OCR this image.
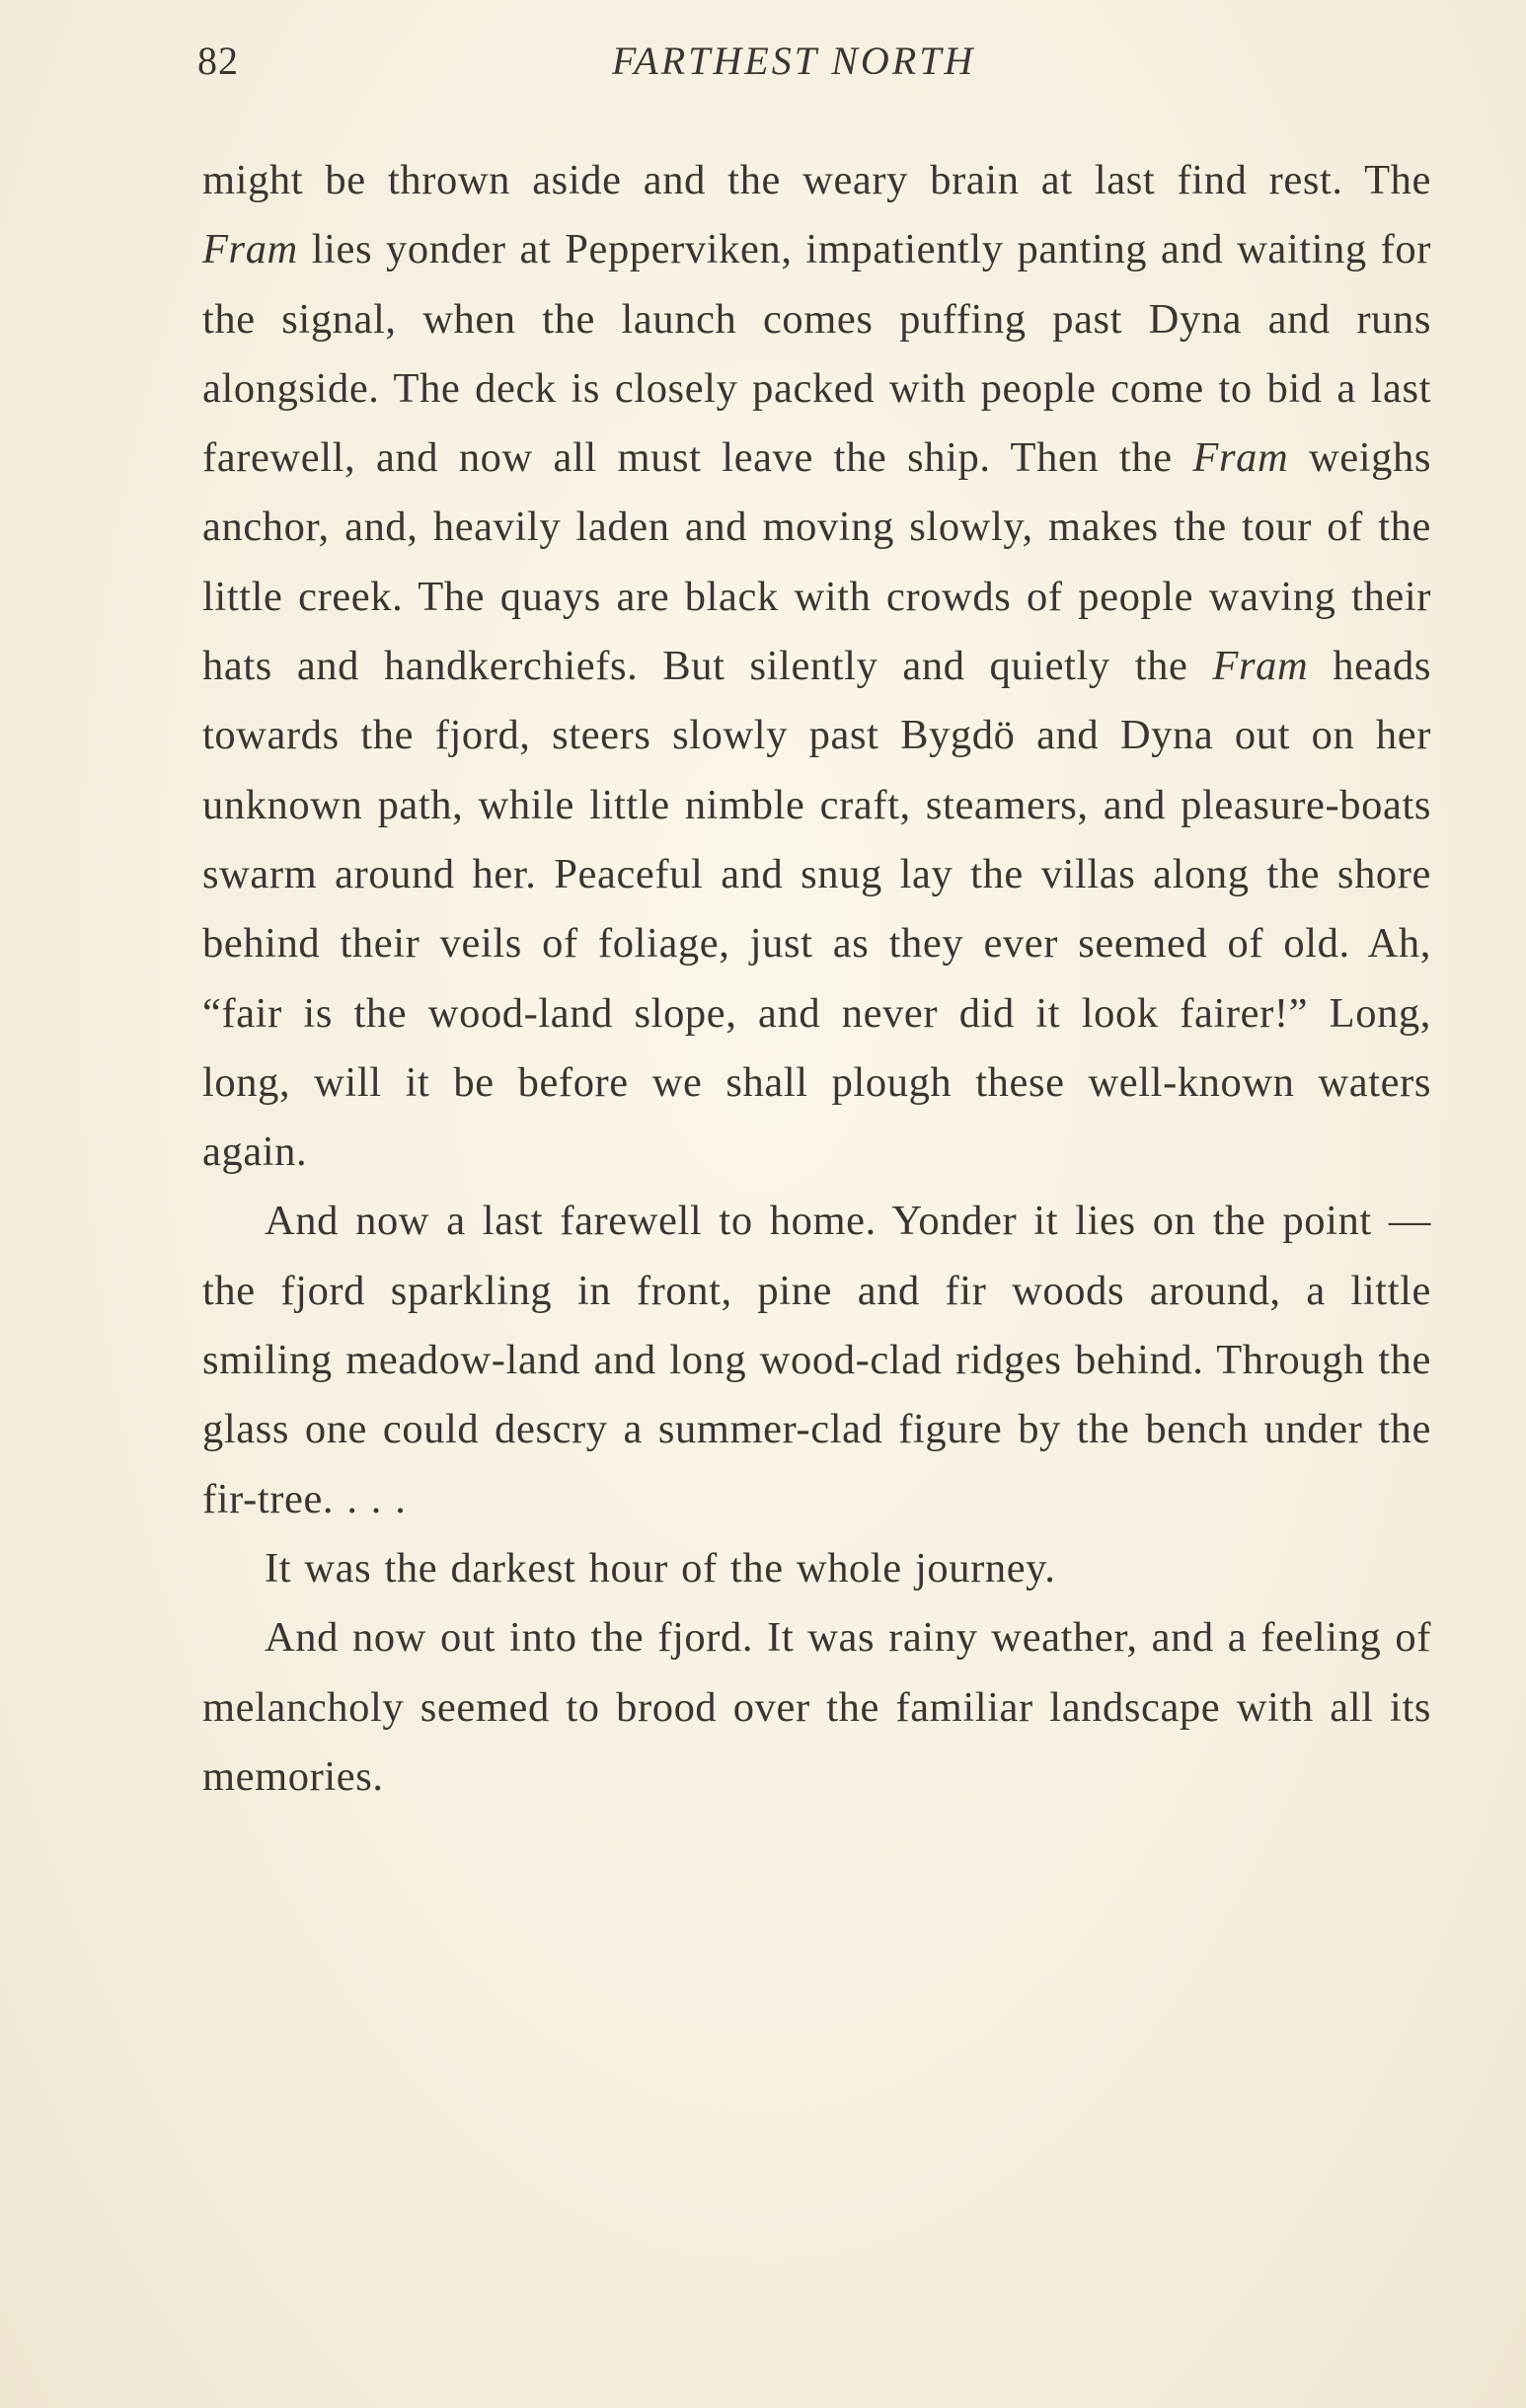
82	FARTHEST NORTH

might be thrown aside and the weary brain at last find rest. The Fram lies yonder at Pepperviken, impatiently panting and waiting for the signal, when the launch comes puffing past Dyna and runs alongside. The deck is closely packed with people come to bid a last farewell, and now all must leave the ship. Then the Fram weighs anchor, and, heavily laden and moving slowly, makes the tour of the little creek. The quays are black with crowds of people waving their hats and handkerchiefs. But silently and quietly the Fram heads towards the fjord, steers slowly past Bygdö and Dyna out on her unknown path, while little nimble craft, steamers, and pleasure-boats swarm around her. Peaceful and snug lay the villas along the shore behind their veils of foliage, just as they ever seemed of old. Ah, “fair is the wood-land slope, and never did it look fairer!” Long, long, will it be before we shall plough these well-known waters again.

And now a last farewell to home. Yonder it lies on the point — the fjord sparkling in front, pine and fir woods around, a little smiling meadow-land and long wood-clad ridges behind. Through the glass one could descry a summer-clad figure by the bench under the fir-tree. . . .

It was the darkest hour of the whole journey.

And now out into the fjord. It was rainy weather, and a feeling of melancholy seemed to brood over the familiar landscape with all its memories.
